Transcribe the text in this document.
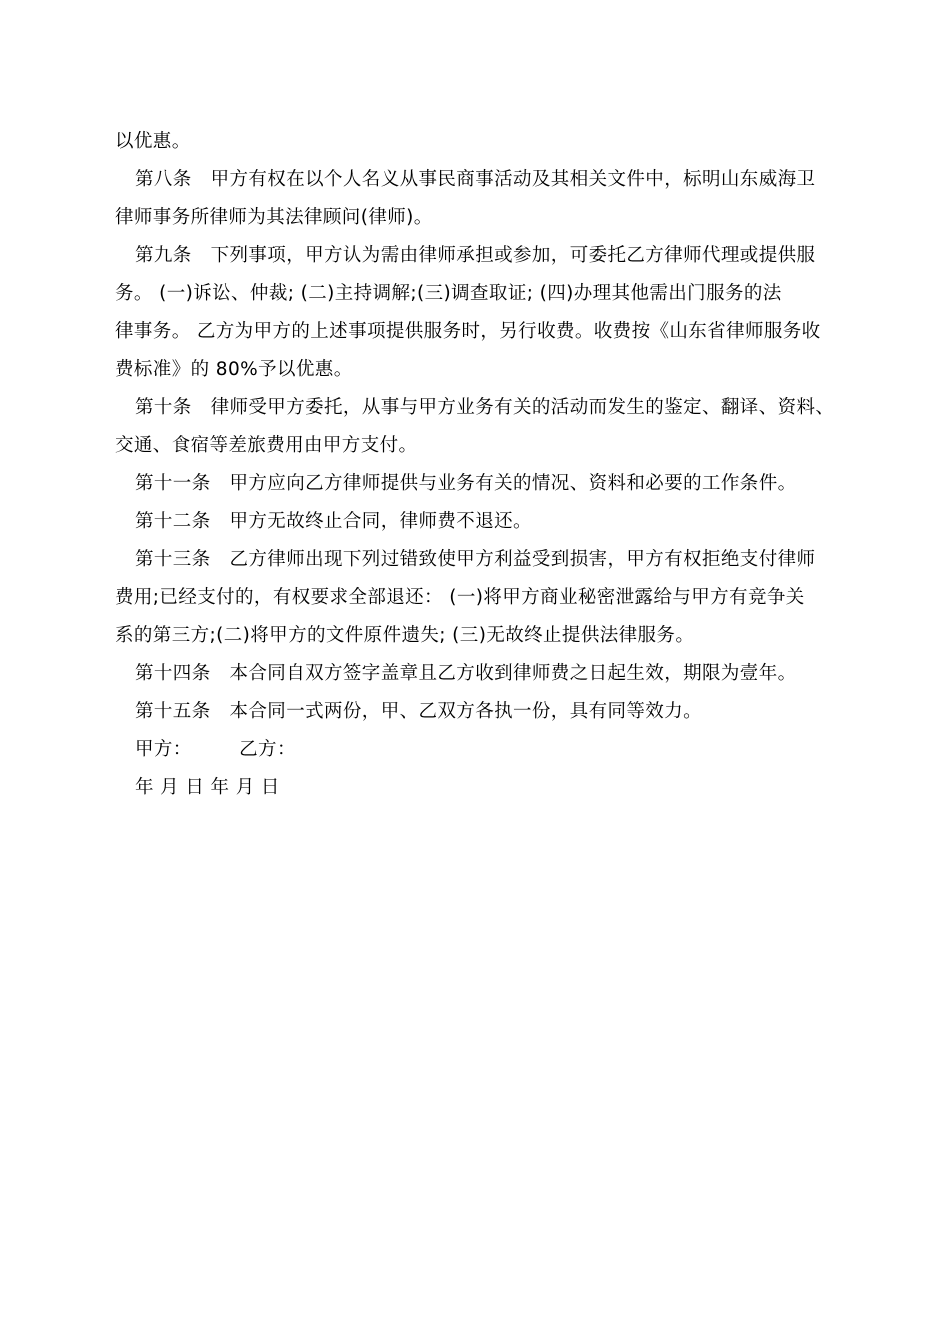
以优惠。
第八条　甲方有权在以个人名义从事民商事活动及其相关文件中，标明山东威海卫
律师事务所律师为其法律顾问(律师)。
第九条　下列事项，甲方认为需由律师承担或参加，可委托乙方律师代理或提供服
务。 (一)诉讼、仲裁; (二)主持调解;(三)调查取证; (四)办理其他需出门服务的法
律事务。 乙方为甲方的上述事项提供服务时，另行收费。收费按《山东省律师服务收
费标准》的 80%予以优惠。
第十条　律师受甲方委托，从事与甲方业务有关的活动而发生的鉴定、翻译、资料、
交通、食宿等差旅费用由甲方支付。
第十一条　甲方应向乙方律师提供与业务有关的情况、资料和必要的工作条件。
第十二条　甲方无故终止合同，律师费不退还。
第十三条　乙方律师出现下列过错致使甲方利益受到损害，甲方有权拒绝支付律师
费用;已经支付的，有权要求全部退还： (一)将甲方商业秘密泄露给与甲方有竞争关
系的第三方;(二)将甲方的文件原件遗失; (三)无故终止提供法律服务。
第十四条　本合同自双方签字盖章且乙方收到律师费之日起生效，期限为壹年。
第十五条　本合同一式两份，甲、乙双方各执一份，具有同等效力。
甲方：　　　乙方：
年 月 日 年 月 日
